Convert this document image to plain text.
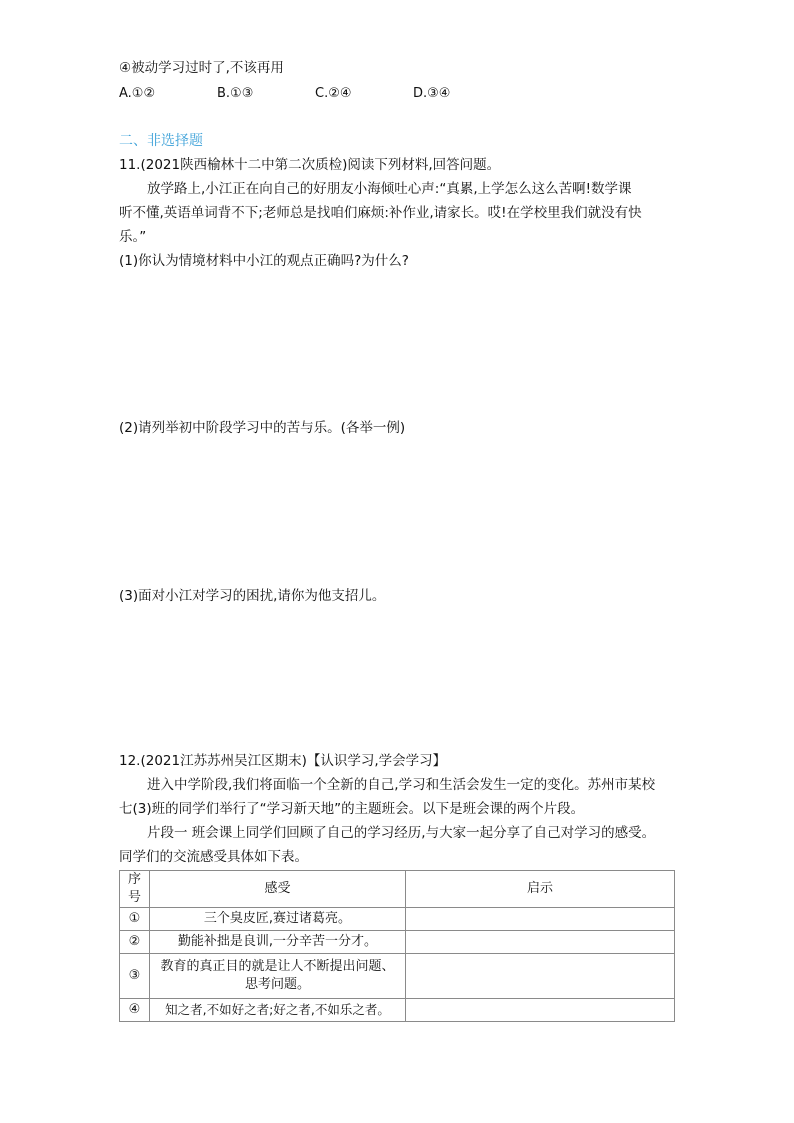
④被动学习过时了,不该再用
A.①②	B.①③	C.②④	D.③④
二、非选择题
11.(2021陕西榆林十二中第二次质检)阅读下列材料,回答问题。
放学路上,小江正在向自己的好朋友小海倾吐心声:“真累,上学怎么这么苦啊!数学课
听不懂,英语单词背不下;老师总是找咱们麻烦:补作业,请家长。哎!在学校里我们就没有快
乐。”
(1)你认为情境材料中小江的观点正确吗?为什么?
(2)请列举初中阶段学习中的苦与乐。(各举一例)
(3)面对小江对学习的困扰,请你为他支招儿。
12.(2021江苏苏州吴江区期末)【认识学习,学会学习】
进入中学阶段,我们将面临一个全新的自己,学习和生活会发生一定的变化。苏州市某校
七(3)班的同学们举行了“学习新天地”的主题班会。以下是班会课的两个片段。
片段一 班会课上同学们回顾了自己的学习经历,与大家一起分享了自己对学习的感受。
同学们的交流感受具体如下表。
序号	感受	启示
①	三个臭皮匠,赛过诸葛亮。	
②	勤能补拙是良训,一分辛苦一分才。	
③	教育的真正目的就是让人不断提出问题、
思考问题。	

④	知之者,不如好之者;好之者,不如乐之者。	
